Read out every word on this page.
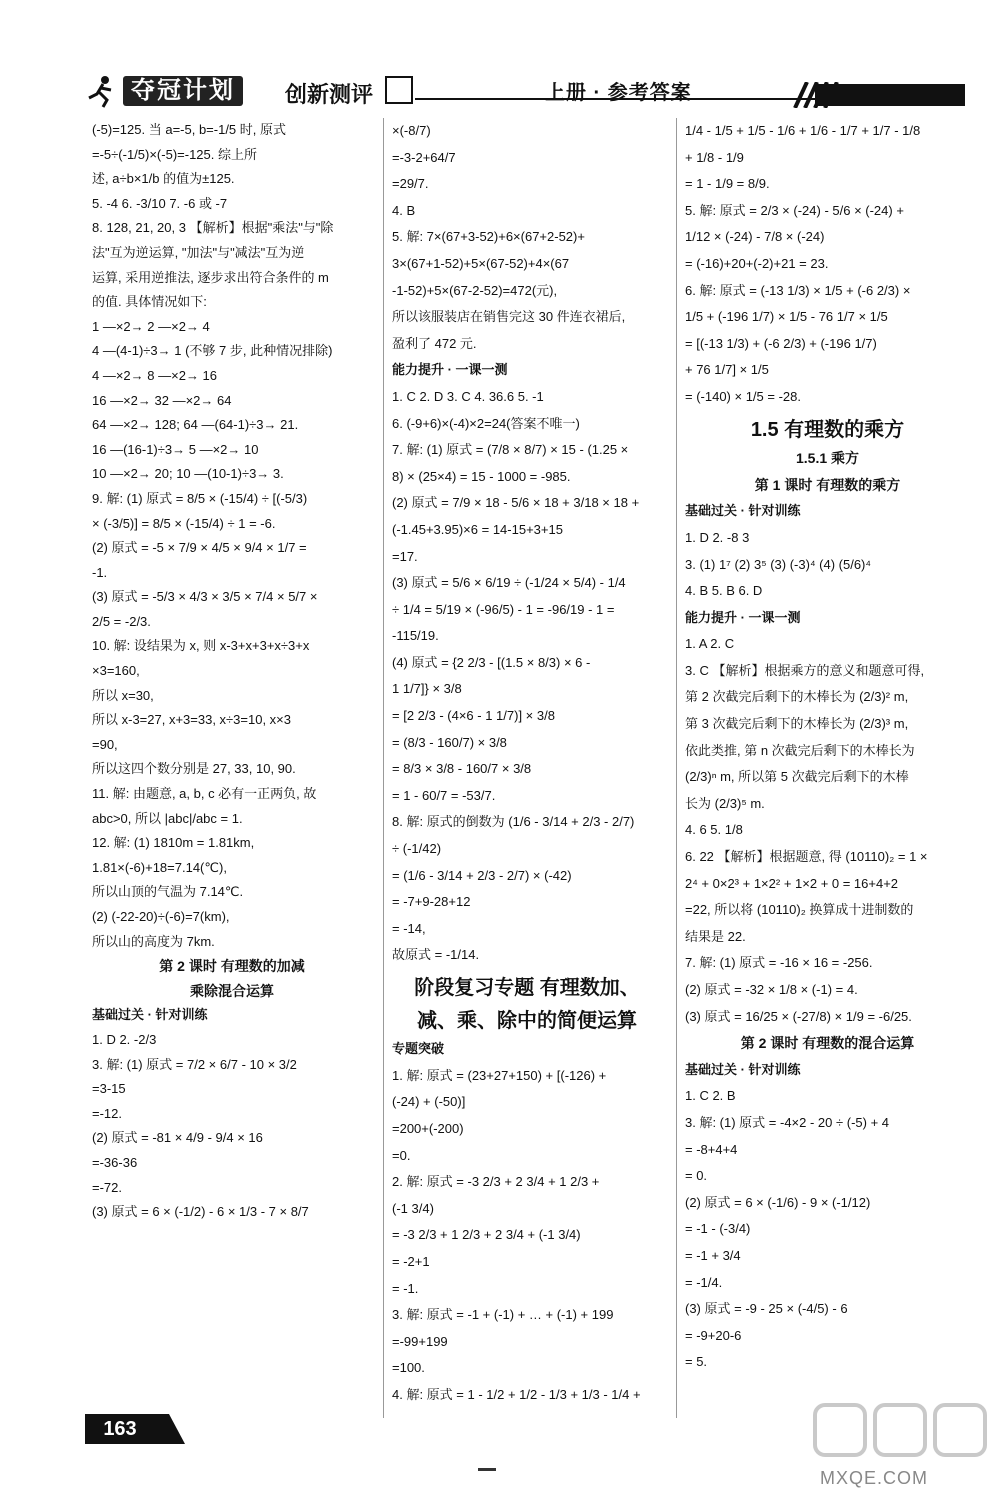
夺冠计划	创新测评	上册 · 参考答案

(-5)=125. 当 a=-5, b=-1/5 时, 原式

=-5÷(-1/5)×(-5)=-125. 综上所

述, a÷b×1/b 的值为±125.

5. -4 6. -3/10 7. -6 或 -7

8. 128, 21, 20, 3 【解析】根据"乘法"与"除

法"互为逆运算, "加法"与"减法"互为逆

运算, 采用逆推法, 逐步求出符合条件的 m

的值. 具体情况如下:

1 —×2→ 2 —×2→ 4

4 —(4-1)÷3→ 1 (不够 7 步, 此种情况排除)

4 —×2→ 8 —×2→ 16

16 —×2→ 32 —×2→ 64

64 —×2→ 128; 64 —(64-1)÷3→ 21.

16 —(16-1)÷3→ 5 —×2→ 10

10 —×2→ 20; 10 —(10-1)÷3→ 3.

9. 解: (1) 原式 = 8/5 × (-15/4) ÷ [(-5/3)

× (-3/5)] = 8/5 × (-15/4) ÷ 1 = -6.

(2) 原式 = -5 × 7/9 × 4/5 × 9/4 × 1/7 =

-1.

(3) 原式 = -5/3 × 4/3 × 3/5 × 7/4 × 5/7 ×

2/5 = -2/3.

10. 解: 设结果为 x, 则 x-3+x+3+x÷3+x

×3=160,

所以 x=30,

所以 x-3=27, x+3=33, x÷3=10, x×3

=90,

所以这四个数分别是 27, 33, 10, 90.

11. 解: 由题意, a, b, c 必有一正两负, 故

abc>0, 所以 |abc|/abc = 1.

12. 解: (1) 1810m = 1.81km,

1.81×(-6)+18=7.14(℃),

所以山顶的气温为 7.14℃.

(2) (-22-20)÷(-6)=7(km),

所以山的高度为 7km.

第 2 课时 有理数的加减

乘除混合运算

基础过关 · 针对训练

1. D 2. -2/3

3. 解: (1) 原式 = 7/2 × 6/7 - 10 × 3/2

=3-15

=-12.

(2) 原式 = -81 × 4/9 - 9/4 × 16

=-36-36

=-72.

(3) 原式 = 6 × (-1/2) - 6 × 1/3 - 7 × 8/7

×(-8/7)

=-3-2+64/7

=29/7.

4. B

5. 解: 7×(67+3-52)+6×(67+2-52)+

3×(67+1-52)+5×(67-52)+4×(67

-1-52)+5×(67-2-52)=472(元),

所以该服装店在销售完这 30 件连衣裙后,

盈利了 472 元.

能力提升 · 一课一测

1. C 2. D 3. C 4. 36.6 5. -1

6. (-9+6)×(-4)×2=24(答案不唯一)

7. 解: (1) 原式 = (7/8 × 8/7) × 15 - (1.25 ×

8) × (25×4) = 15 - 1000 = -985.

(2) 原式 = 7/9 × 18 - 5/6 × 18 + 3/18 × 18 +

(-1.45+3.95)×6 = 14-15+3+15

=17.

(3) 原式 = 5/6 × 6/19 ÷ (-1/24 × 5/4) - 1/4

÷ 1/4 = 5/19 × (-96/5) - 1 = -96/19 - 1 =

-115/19.

(4) 原式 = {2 2/3 - [(1.5 × 8/3) × 6 -

1 1/7]} × 3/8

= [2 2/3 - (4×6 - 1 1/7)] × 3/8

= (8/3 - 160/7) × 3/8

= 8/3 × 3/8 - 160/7 × 3/8

= 1 - 60/7 = -53/7.

8. 解: 原式的倒数为 (1/6 - 3/14 + 2/3 - 2/7)

÷ (-1/42)

= (1/6 - 3/14 + 2/3 - 2/7) × (-42)

= -7+9-28+12

= -14,

故原式 = -1/14.

阶段复习专题 有理数加、

减、乘、除中的简便运算

专题突破

1. 解: 原式 = (23+27+150) + [(-126) +

(-24) + (-50)]

=200+(-200)

=0.

2. 解: 原式 = -3 2/3 + 2 3/4 + 1 2/3 +

(-1 3/4)

= -3 2/3 + 1 2/3 + 2 3/4 + (-1 3/4)

= -2+1

= -1.

3. 解: 原式 = -1 + (-1) + … + (-1) + 199

=-99+199

=100.

4. 解: 原式 = 1 - 1/2 + 1/2 - 1/3 + 1/3 - 1/4 +

1/4 - 1/5 + 1/5 - 1/6 + 1/6 - 1/7 + 1/7 - 1/8

+ 1/8 - 1/9

= 1 - 1/9 = 8/9.

5. 解: 原式 = 2/3 × (-24) - 5/6 × (-24) +

1/12 × (-24) - 7/8 × (-24)

= (-16)+20+(-2)+21 = 23.

6. 解: 原式 = (-13 1/3) × 1/5 + (-6 2/3) ×

1/5 + (-196 1/7) × 1/5 - 76 1/7 × 1/5

= [(-13 1/3) + (-6 2/3) + (-196 1/7)

+ 76 1/7] × 1/5

= (-140) × 1/5 = -28.

1.5 有理数的乘方

1.5.1 乘方

第 1 课时 有理数的乘方

基础过关 · 针对训练

1. D 2. -8 3

3. (1) 1⁷ (2) 3⁵ (3) (-3)⁴ (4) (5/6)⁴

4. B 5. B 6. D

能力提升 · 一课一测

1. A 2. C

3. C 【解析】根据乘方的意义和题意可得,

第 2 次截完后剩下的木棒长为 (2/3)² m,

第 3 次截完后剩下的木棒长为 (2/3)³ m,

依此类推, 第 n 次截完后剩下的木棒长为

(2/3)ⁿ m, 所以第 5 次截完后剩下的木棒

长为 (2/3)⁵ m.

4. 6 5. 1/8

6. 22 【解析】根据题意, 得 (10110)₂ = 1 ×

2⁴ + 0×2³ + 1×2² + 1×2 + 0 = 16+4+2

=22, 所以将 (10110)₂ 换算成十进制数的

结果是 22.

7. 解: (1) 原式 = -16 × 16 = -256.

(2) 原式 = -32 × 1/8 × (-1) = 4.

(3) 原式 = 16/25 × (-27/8) × 1/9 = -6/25.

第 2 课时 有理数的混合运算

基础过关 · 针对训练

1. C 2. B

3. 解: (1) 原式 = -4×2 - 20 ÷ (-5) + 4

= -8+4+4

= 0.

(2) 原式 = 6 × (-1/6) - 9 × (-1/12)

= -1 - (-3/4)

= -1 + 3/4

= -1/4.

(3) 原式 = -9 - 25 × (-4/5) - 6

= -9+20-6

= 5.

163
MXQE.COM
